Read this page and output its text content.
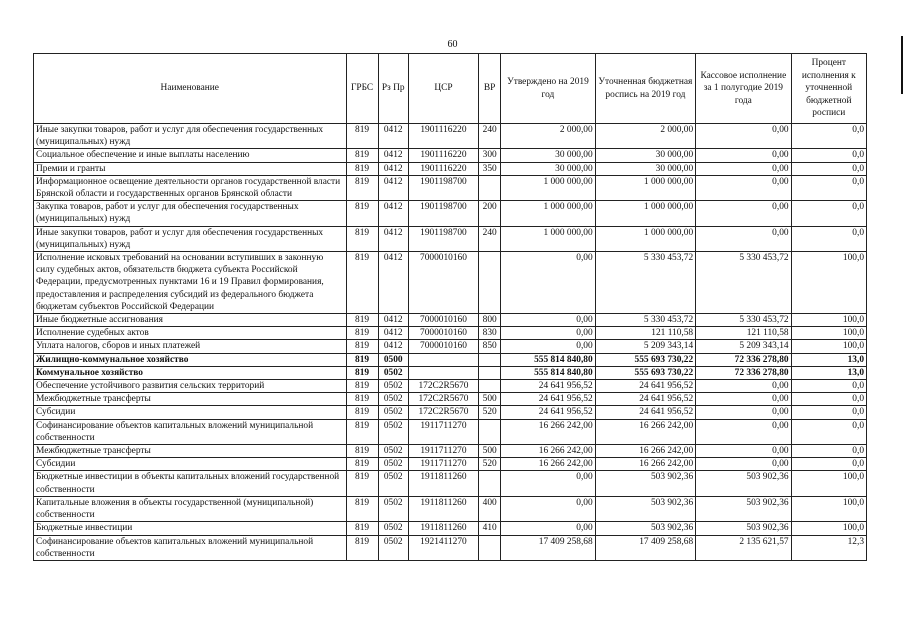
60
Наименование	ГРБС	Рз Пр	ЦСР	ВР	Утверждено на 2019 год	Уточненная бюджетная роспись на 2019 год	Кассовое исполнение за 1 полугодие 2019 года	Процент исполнения к уточненной бюджетной росписи
Иные закупки товаров, работ и услуг для обеспечения государственных (муниципальных) нужд	819	0412	1901116220	240	2 000,00	2 000,00	0,00	0,0
Социальное обеспечение и иные выплаты населению	819	0412	1901116220	300	30 000,00	30 000,00	0,00	0,0
Премии и гранты	819	0412	1901116220	350	30 000,00	30 000,00	0,00	0,0
Информационное освещение деятельности органов государственной власти Брянской области и государственных органов Брянской области	819	0412	1901198700		1 000 000,00	1 000 000,00	0,00	0,0
Закупка товаров, работ и услуг для обеспечения государственных (муниципальных) нужд	819	0412	1901198700	200	1 000 000,00	1 000 000,00	0,00	0,0
Иные закупки товаров, работ и услуг для обеспечения государственных (муниципальных) нужд	819	0412	1901198700	240	1 000 000,00	1 000 000,00	0,00	0,0
Исполнение исковых требований на основании вступивших в законную силу судебных актов, обязательств бюджета субъекта Российской Федерации, предусмотренных пунктами 16 и 19 Правил формирования, предоставления и распределения субсидий из федерального бюджета бюджетам субъектов Российской Федерации	819	0412	7000010160		0,00	5 330 453,72	5 330 453,72	100,0
Иные бюджетные ассигнования	819	0412	7000010160	800	0,00	5 330 453,72	5 330 453,72	100,0
Исполнение судебных актов	819	0412	7000010160	830	0,00	121 110,58	121 110,58	100,0
Уплата налогов, сборов и иных платежей	819	0412	7000010160	850	0,00	5 209 343,14	5 209 343,14	100,0
Жилищно-коммунальное хозяйство	819	0500			555 814 840,80	555 693 730,22	72 336 278,80	13,0
Коммунальное хозяйство	819	0502			555 814 840,80	555 693 730,22	72 336 278,80	13,0
Обеспечение устойчивого развития сельских территорий	819	0502	172C2R5670		24 641 956,52	24 641 956,52	0,00	0,0
Межбюджетные трансферты	819	0502	172C2R5670	500	24 641 956,52	24 641 956,52	0,00	0,0
Субсидии	819	0502	172C2R5670	520	24 641 956,52	24 641 956,52	0,00	0,0
Софинансирование объектов капитальных вложений муниципальной собственности	819	0502	1911711270		16 266 242,00	16 266 242,00	0,00	0,0
Межбюджетные трансферты	819	0502	1911711270	500	16 266 242,00	16 266 242,00	0,00	0,0
Субсидии	819	0502	1911711270	520	16 266 242,00	16 266 242,00	0,00	0,0
Бюджетные инвестиции в объекты капитальных вложений государственной собственности	819	0502	1911811260		0,00	503 902,36	503 902,36	100,0
Капитальные вложения в объекты государственной (муниципальной) собственности	819	0502	1911811260	400	0,00	503 902,36	503 902,36	100,0
Бюджетные инвестиции	819	0502	1911811260	410	0,00	503 902,36	503 902,36	100,0
Софинансирование объектов капитальных вложений муниципальной собственности	819	0502	1921411270		17 409 258,68	17 409 258,68	2 135 621,57	12,3
